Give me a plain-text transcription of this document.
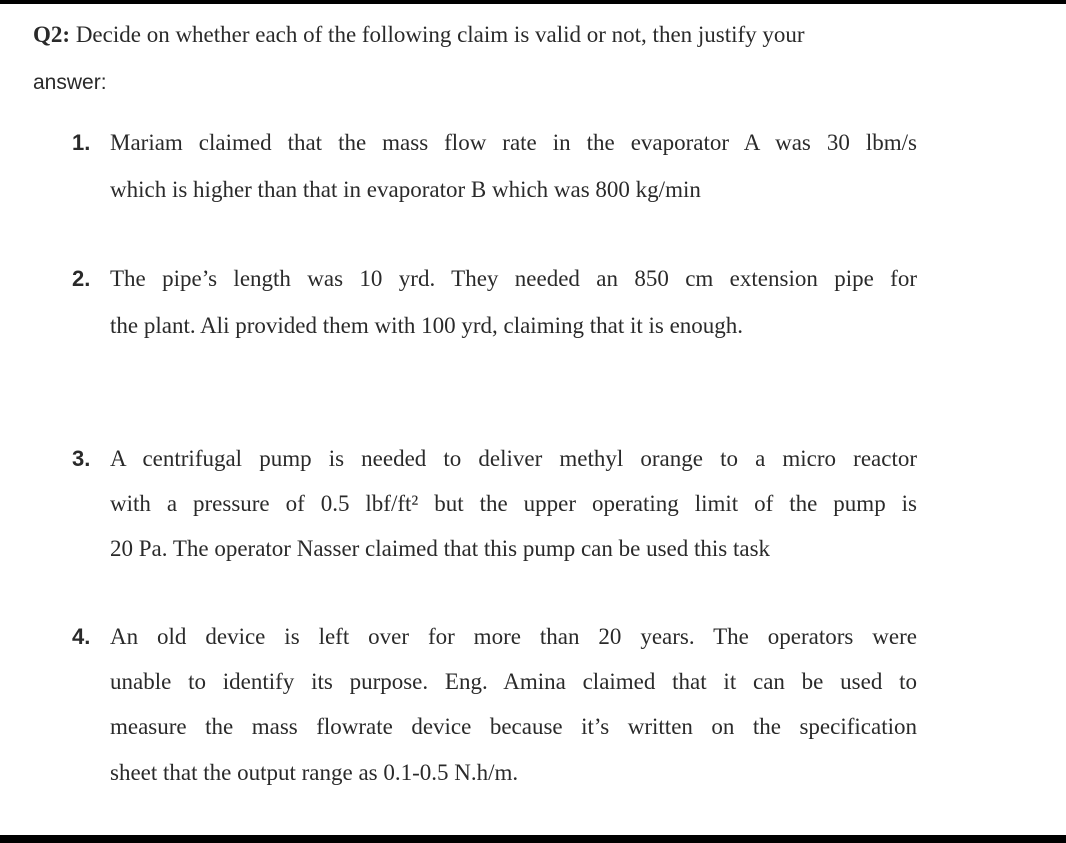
Q2: Decide on whether each of the following claim is valid or not, then justify your
answer:
1. Mariam claimed that the mass flow rate in the evaporator A was 30 lbm/s
which is higher than that in evaporator B which was 800 kg/min
2. The pipe’s length was 10 yrd. They needed an 850 cm extension pipe for
the plant. Ali provided them with 100 yrd, claiming that it is enough.
3. A centrifugal pump is needed to deliver methyl orange to a micro reactor
with a pressure of 0.5 lbf/ft² but the upper operating limit of the pump is
20 Pa. The operator Nasser claimed that this pump can be used this task
4. An old device is left over for more than 20 years. The operators were
unable to identify its purpose. Eng. Amina claimed that it can be used to
measure the mass flowrate device because it’s written on the specification
sheet that the output range as 0.1-0.5 N.h/m.
